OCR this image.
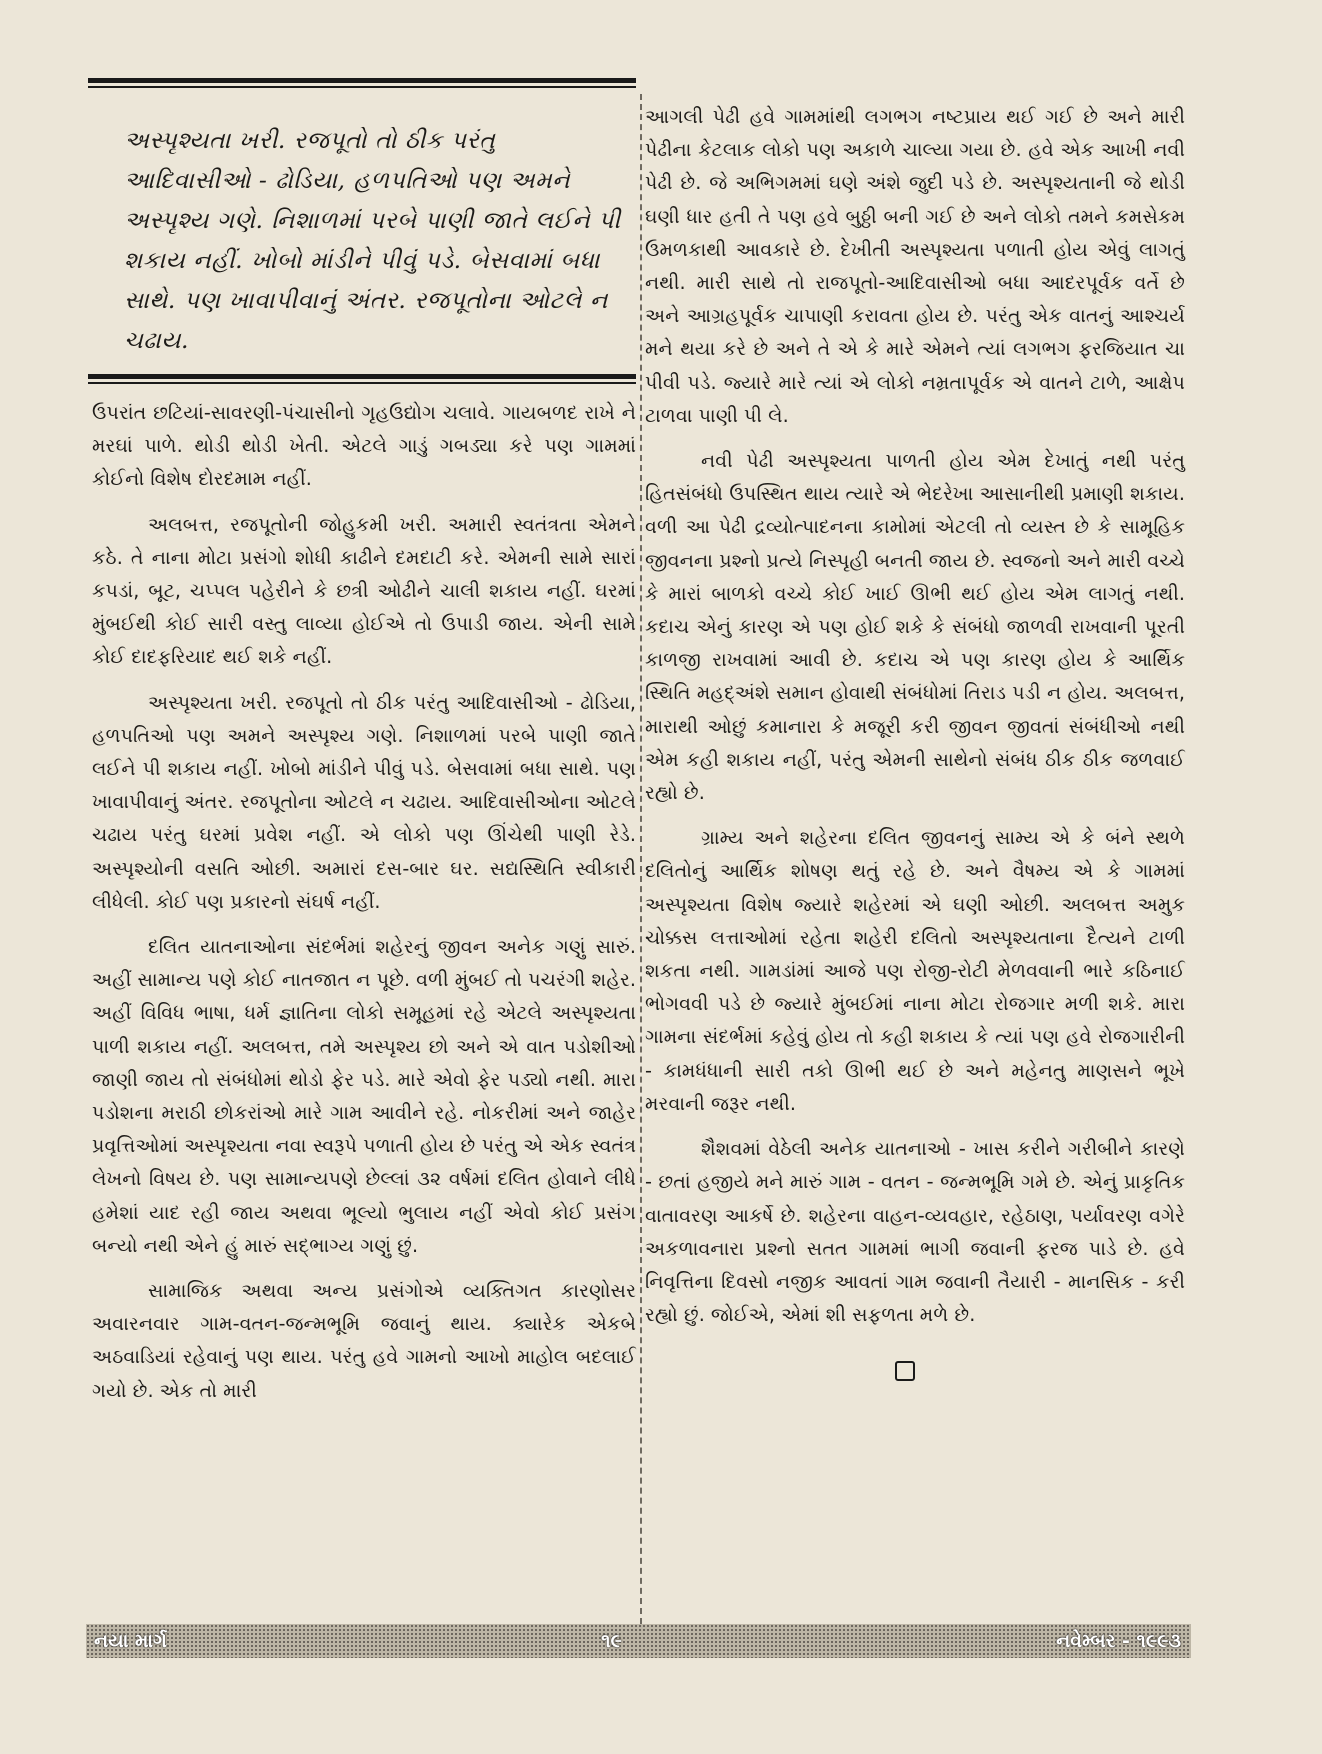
અસ્પૃશ્યતા ખરી. રજપૂતો તો ઠીક પરંતુ આદિવાસીઓ - ઢોડિયા, હળપતિઓ પણ અમને અસ્પૃશ્ય ગણે. નિશાળમાં પરબે પાણી જાતે લઈને પી શકાય નહીં. ખોબો માંડીને પીવું પડે. બેસવામાં બધા સાથે. પણ ખાવાપીવાનું અંતર. રજપૂતોના ઓટલે ન ચઢાય.

ઉપરાંત છટિયાં-સાવરણી-પંચાસીનો ગૃહઉદ્યોગ ચલાવે. ગાયબળદ રાખે ને મરઘાં પાળે. થોડી થોડી ખેતી. એટલે ગાડું ગબડ્યા કરે પણ ગામમાં કોઈનો વિશેષ દોરદમામ નહીં.

અલબત્ત, રજપૂતોની જોહુકમી ખરી. અમારી સ્વતંત્રતા એમને કઠે. તે નાના મોટા પ્રસંગો શોધી કાઢીને દમદાટી કરે. એમની સામે સારાં કપડાં, બૂટ, ચપ્પલ પહેરીને કે છત્રી ઓઢીને ચાલી શકાય નહીં. ઘરમાં મુંબઈથી કોઈ સારી વસ્તુ લાવ્યા હોઈએ તો ઉપાડી જાય. એની સામે કોઈ દાદફરિયાદ થઈ શકે નહીં.

અસ્પૃશ્યતા ખરી. રજપૂતો તો ઠીક પરંતુ આદિવાસીઓ - ઢોડિયા, હળપતિઓ પણ અમને અસ્પૃશ્ય ગણે. નિશાળમાં પરબે પાણી જાતે લઈને પી શકાય નહીં. ખોબો માંડીને પીવું પડે. બેસવામાં બધા સાથે. પણ ખાવાપીવાનું અંતર. રજપૂતોના ઓટલે ન ચઢાય. આદિવાસીઓના ઓટલે ચઢાય પરંતુ ઘરમાં પ્રવેશ નહીં. એ લોકો પણ ઊંચેથી પાણી રેડે. અસ્પૃશ્યોની વસતિ ઓછી. અમારાં દસ-બાર ઘર. સદ્યસ્થિતિ સ્વીકારી લીધેલી. કોઈ પણ પ્રકારનો સંઘર્ષ નહીં.

દલિત યાતનાઓના સંદર્ભમાં શહેરનું જીવન અનેક ગણું સારું. અહીં સામાન્ય પણે કોઈ નાતજાત ન પૂછે. વળી મુંબઈ તો પચરંગી શહેર. અહીં વિવિધ ભાષા, ધર્મ જ્ઞાતિના લોકો સમૂહમાં રહે એટલે અસ્પૃશ્યતા પાળી શકાય નહીં. અલબત્ત, તમે અસ્પૃશ્ય છો અને એ વાત પડોશીઓ જાણી જાય તો સંબંધોમાં થોડો ફેર પડે. મારે એવો ફેર પડ્યો નથી. મારા પડોશના મરાઠી છોકરાંઓ મારે ગામ આવીને રહે. નોકરીમાં અને જાહેર પ્રવૃત્તિઓમાં અસ્પૃશ્યતા નવા સ્વરૂપે પળાતી હોય છે પરંતુ એ એક સ્વતંત્ર લેખનો વિષય છે. પણ સામાન્યપણે છેલ્લાં ૩૨ વર્ષમાં દલિત હોવાને લીધે હમેશાં યાદ રહી જાય અથવા ભૂલ્યો ભુલાય નહીં એવો કોઈ પ્રસંગ બન્યો નથી એને હું મારું સદ્‌ભાગ્ય ગણું છું.

સામાજિક અથવા અન્ય પ્રસંગોએ વ્યક્તિગત કારણોસર અવારનવાર ગામ-વતન-જન્મભૂમિ જવાનું થાય. ક્યારેક એકબે અઠવાડિયાં રહેવાનું પણ થાય. પરંતુ હવે ગામનો આખો માહોલ બદલાઈ ગયો છે. એક તો મારી

આગલી પેઢી હવે ગામમાંથી લગભગ નષ્ટપ્રાય થઈ ગઈ છે અને મારી પેઢીના કેટલાક લોકો પણ અકાળે ચાલ્યા ગયા છે. હવે એક આખી નવી પેઢી છે. જે અભિગમમાં ઘણે અંશે જુદી પડે છે. અસ્પૃશ્યતાની જે થોડી ઘણી ધાર હતી તે પણ હવે બુઠ્ઠી બની ગઈ છે અને લોકો તમને કમસેકમ ઉમળકાથી આવકારે છે. દેખીતી અસ્પૃશ્યતા પળાતી હોય એવું લાગતું નથી. મારી સાથે તો રાજપૂતો-આદિવાસીઓ બધા આદરપૂર્વક વર્તે છે અને આગ્રહપૂર્વક ચાપાણી કરાવતા હોય છે. પરંતુ એક વાતનું આશ્ચર્ય મને થયા કરે છે અને તે એ કે મારે એમને ત્યાં લગભગ ફરજિયાત ચા પીવી પડે. જ્યારે મારે ત્યાં એ લોકો નમ્રતાપૂર્વક એ વાતને ટાળે, આક્ષેપ ટાળવા પાણી પી લે.

નવી પેઢી અસ્પૃશ્યતા પાળતી હોય એમ દેખાતું નથી પરંતુ હિતસંબંધો ઉપસ્થિત થાય ત્યારે એ ભેદરેખા આસાનીથી પ્રમાણી શકાય. વળી આ પેઢી દ્રવ્યોત્પાદનના કામોમાં એટલી તો વ્યસ્ત છે કે સામૂહિક જીવનના પ્રશ્નો પ્રત્યે નિસ્પૃહી બનતી જાય છે. સ્વજનો અને મારી વચ્ચે કે મારાં બાળકો વચ્ચે કોઈ ખાઈ ઊભી થઈ હોય એમ લાગતું નથી. કદાચ એનું કારણ એ પણ હોઈ શકે કે સંબંધો જાળવી રાખવાની પૂરતી કાળજી રાખવામાં આવી છે. કદાચ એ પણ કારણ હોય કે આર્થિક સ્થિતિ મહદ્‌અંશે સમાન હોવાથી સંબંધોમાં તિરાડ પડી ન હોય. અલબત્ત, મારાથી ઓછું કમાનારા કે મજૂરી કરી જીવન જીવતાં સંબંધીઓ નથી એમ કહી શકાય નહીં, પરંતુ એમની સાથેનો સંબંધ ઠીક ઠીક જળવાઈ રહ્યો છે.

ગ્રામ્ય અને શહેરના દલિત જીવનનું સામ્ય એ કે બંને સ્થળે દલિતોનું આર્થિક શોષણ થતું રહે છે. અને વૈષમ્ય એ કે ગામમાં અસ્પૃશ્યતા વિશેષ જ્યારે શહેરમાં એ ઘણી ઓછી. અલબત્ત અમુક ચોક્કસ લત્તાઓમાં રહેતા શહેરી દલિતો અસ્પૃશ્યતાના દૈત્યને ટાળી શકતા નથી. ગામડાંમાં આજે પણ રોજી-રોટી મેળવવાની ભારે કઠિનાઈ ભોગવવી પડે છે જ્યારે મુંબઈમાં નાના મોટા રોજગાર મળી શકે. મારા ગામના સંદર્ભમાં કહેવું હોય તો કહી શકાય કે ત્યાં પણ હવે રોજગારીની - કામધંધાની સારી તકો ઊભી થઈ છે અને મહેનતુ માણસને ભૂખે મરવાની જરૂર નથી.

શૈશવમાં વેઠેલી અનેક યાતનાઓ - ખાસ કરીને ગરીબીને કારણે - છતાં હજીયે મને મારું ગામ - વતન - જન્મભૂમિ ગમે છે. એનું પ્રાકૃતિક વાતાવરણ આકર્ષે છે. શહેરના વાહન-વ્યવહાર, રહેઠાણ, પર્યાવરણ વગેરે અકળાવનારા પ્રશ્નો સતત ગામમાં ભાગી જવાની ફરજ પાડે છે. હવે નિવૃત્તિના દિવસો નજીક આવતાં ગામ જવાની તૈયારી - માનસિક - કરી રહ્યો છું. જોઈએ, એમાં શી સફળતા મળે છે.

નયા માર્ગ	૧૯	નવેમ્બર - ૧૯૯૩
